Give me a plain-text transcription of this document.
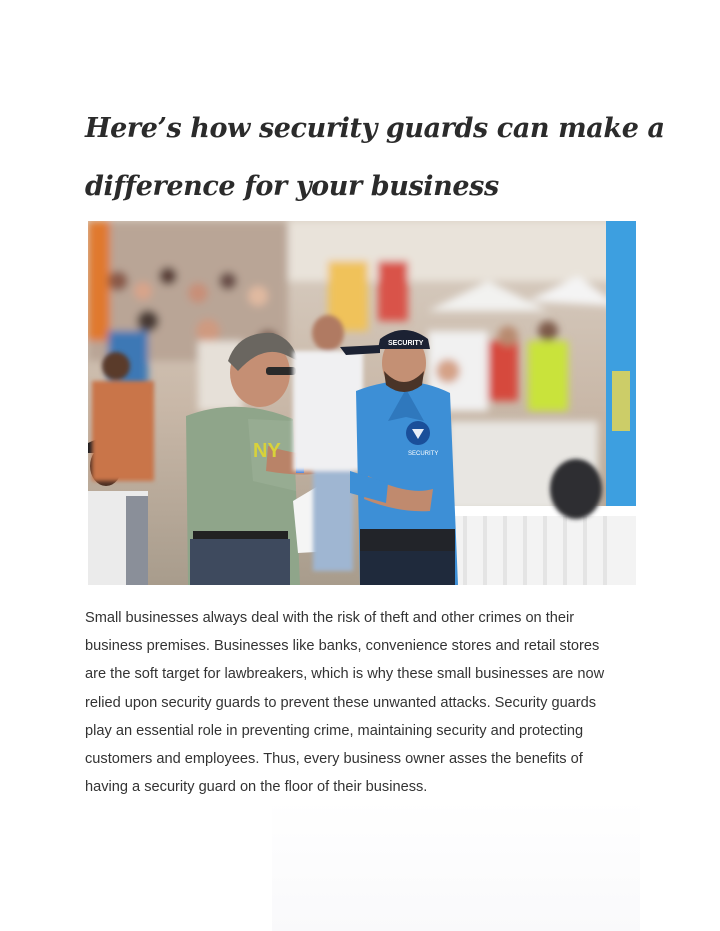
Here’s how security guards can make a
difference for your business
NY	SECURITY
SECURITY
Small businesses always deal with the risk of theft and other crimes on their
business premises. Businesses like banks, convenience stores and retail stores
are the soft target for lawbreakers, which is why these small businesses are now
relied upon security guards to prevent these unwanted attacks. Security guards
play an essential role in preventing crime, maintaining security and protecting
customers and employees. Thus, every business owner asses the benefits of
having a security guard on the floor of their business.
